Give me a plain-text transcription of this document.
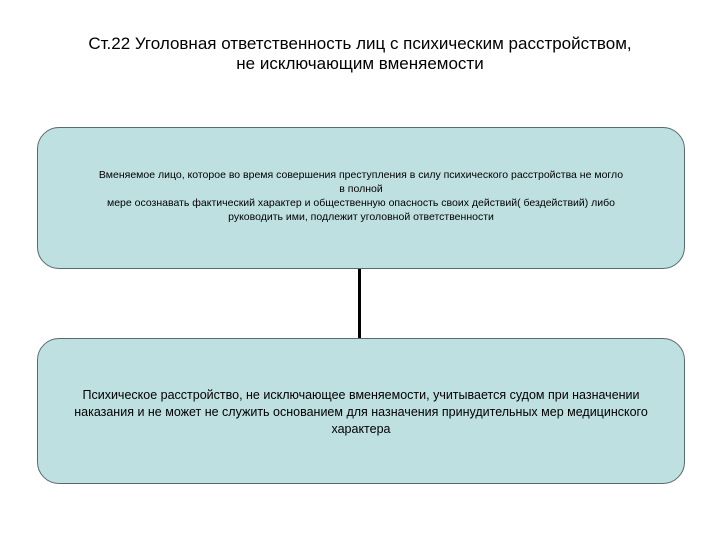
Ст.22 Уголовная ответственность лиц с психическим расстройством,
не исключающим вменяемости
Вменяемое лицо, которое во время совершения преступления в силу психического расстройства не могло
в полной
мере осознавать фактический характер и общественную опасность своих действий( бездействий) либо
руководить ими, подлежит уголовной ответственности
Психическое расстройство, не исключающее вменяемости, учитывается судом при назначении
наказания и не может не служить основанием для назначения принудительных мер медицинского
характера
